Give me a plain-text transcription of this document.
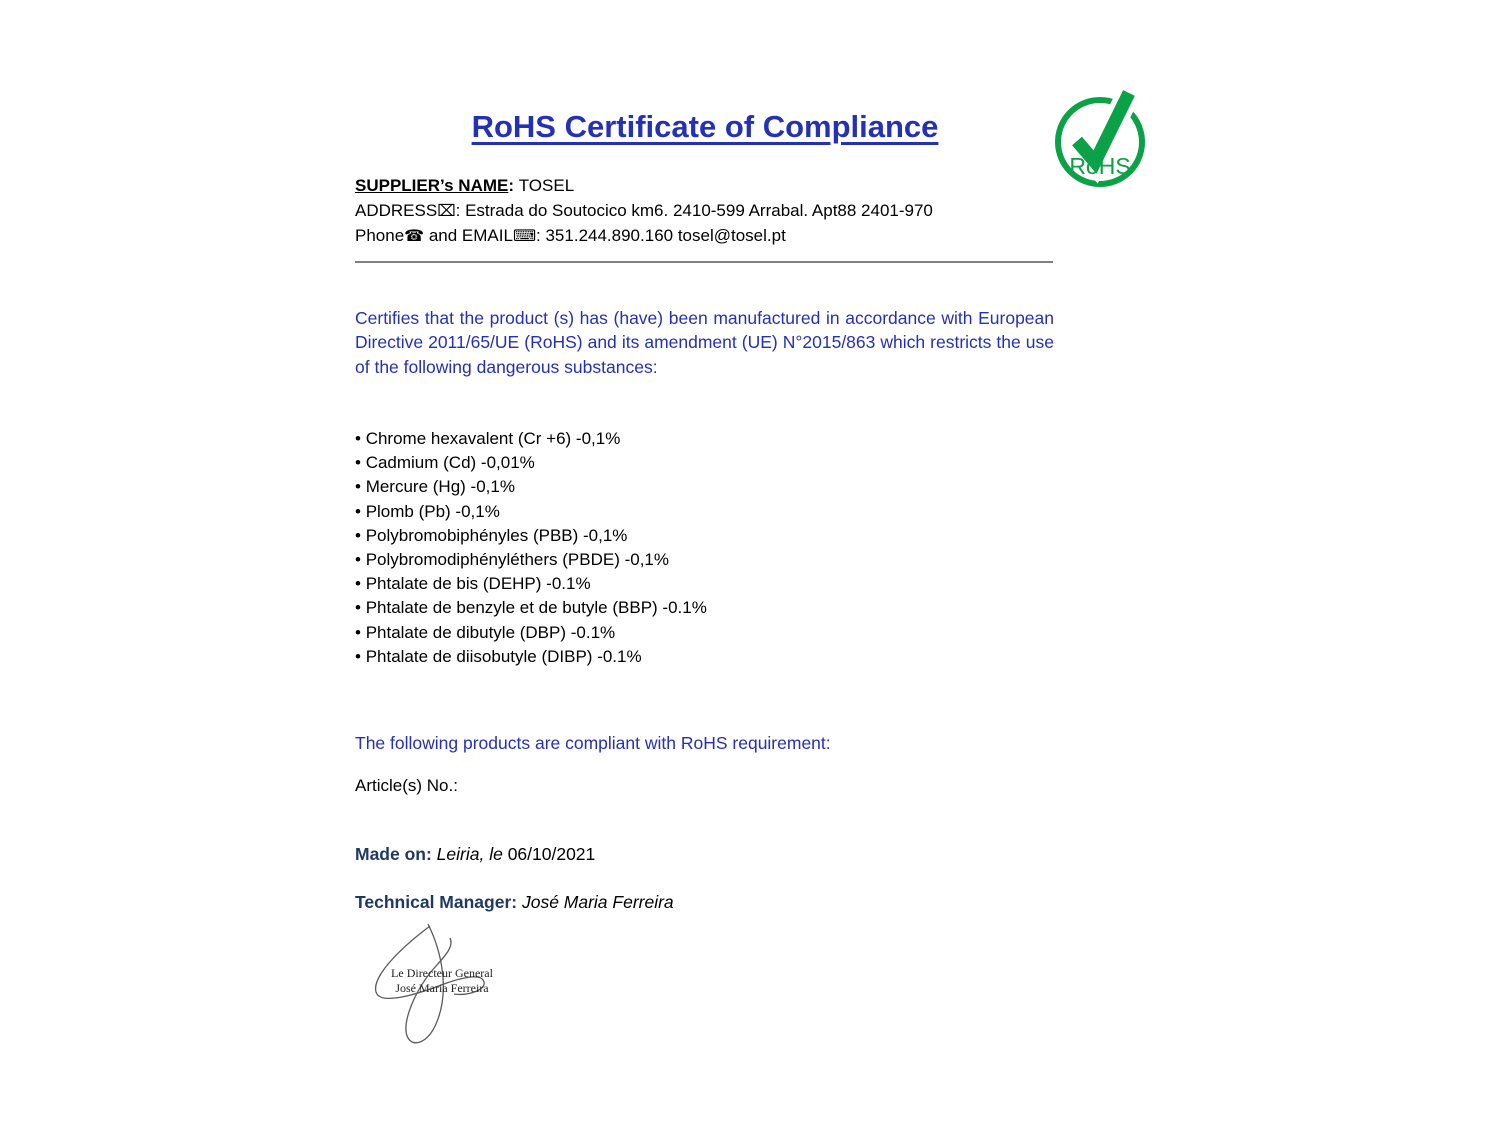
RoHS Certificate of Compliance
RoHS

SUPPLIER’s NAME: TOSEL

ADDRESS⌧: Estrada do Soutocico km6. 2410-599 Arrabal. Apt88 2401-970

Phone☎ and EMAIL⌨: 351.244.890.160 tosel@tosel.pt

Certifies that the product (s) has (have) been manufactured in accordance with European Directive 2011/65/UE (RoHS) and its amendment (UE) N°2015/863 which restricts the use of the following dangerous substances:

• Chrome hexavalent (Cr +6) -0,1%
• Cadmium (Cd) -0,01%
• Mercure (Hg) -0,1%
• Plomb (Pb) -0,1%
• Polybromobiphényles (PBB) -0,1%
• Polybromodiphényléthers (PBDE) -0,1%
• Phtalate de bis (DEHP) -0.1%
• Phtalate de benzyle et de butyle (BBP) -0.1%
• Phtalate de dibutyle (DBP) -0.1%
• Phtalate de diisobutyle (DIBP) -0.1%

The following products are compliant with RoHS requirement:

Article(s) No.:

Made on: Leiria, le 06/10/2021

Technical Manager: José Maria Ferreira

Le Directeur General

José Maria Ferreira
